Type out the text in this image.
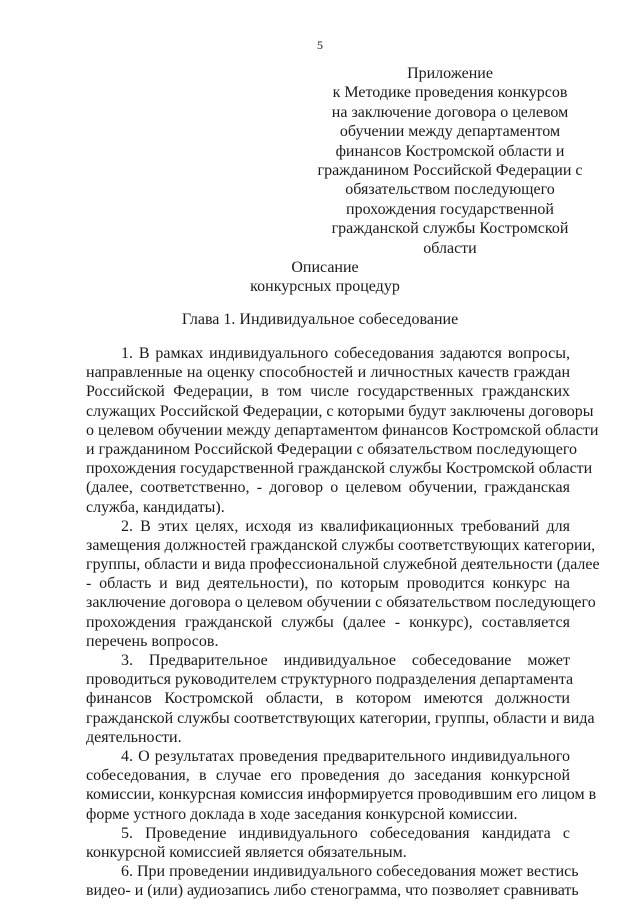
5
Приложение
к Методике проведения конкурсов
на заключение договора о целевом
обучении между департаментом
финансов Костромской области и
гражданином Российской Федерации с
обязательством последующего
прохождения государственной
гражданской службы Костромской
области
Описание
конкурсных процедур
Глава 1. Индивидуальное собеседование
1. В рамках индивидуального собеседования задаются вопросы,
направленные на оценку способностей и личностных качеств граждан
Российской Федерации, в том числе государственных гражданских
служащих Российской Федерации, с которыми будут заключены договоры
о целевом обучении между департаментом финансов Костромской области
и гражданином Российской Федерации с обязательством последующего
прохождения государственной гражданской службы Костромской области
(далее, соответственно, - договор о целевом обучении, гражданская
служба, кандидаты).
2. В этих целях, исходя из квалификационных требований для
замещения должностей гражданской службы соответствующих категории,
группы, области и вида профессиональной служебной деятельности (далее
- область и вид деятельности), по которым проводится конкурс на
заключение договора о целевом обучении с обязательством последующего
прохождения гражданской службы (далее - конкурс), составляется
перечень вопросов.
3. Предварительное индивидуальное собеседование может
проводиться руководителем структурного подразделения департамента
финансов Костромской области, в котором имеются должности
гражданской службы соответствующих категории, группы, области и вида
деятельности.
4. О результатах проведения предварительного индивидуального
собеседования, в случае его проведения до заседания конкурсной
комиссии, конкурсная комиссия информируется проводившим его лицом в
форме устного доклада в ходе заседания конкурсной комиссии.
5. Проведение индивидуального собеседования кандидата с
конкурсной комиссией является обязательным.
6. При проведении индивидуального собеседования может вестись
видео- и (или) аудиозапись либо стенограмма, что позволяет сравнивать
